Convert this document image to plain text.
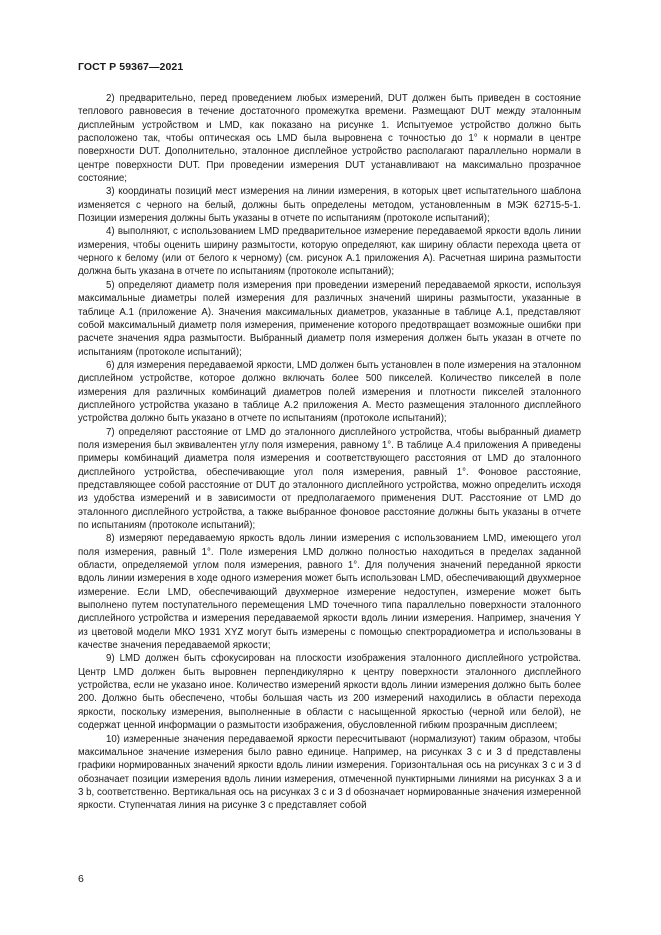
ГОСТ Р 59367—2021

2) предварительно, перед проведением любых измерений, DUT должен быть приведен в состояние теплового равновесия в течение достаточного промежутка времени. Размещают DUT между эталонным дисплейным устройством и LMD, как показано на рисунке 1. Испытуемое устройство должно быть расположено так, чтобы оптическая ось LMD была выровнена с точностью до 1° к нормали в центре поверхности DUT. Дополнительно, эталонное дисплейное устройство располагают параллельно нормали в центре поверхности DUT. При проведении измерения DUT устанавливают на максимально прозрачное состояние;

3) координаты позиций мест измерения на линии измерения, в которых цвет испытательного шаблона изменяется с черного на белый, должны быть определены методом, установленным в МЭК 62715-5-1. Позиции измерения должны быть указаны в отчете по испытаниям (протоколе испытаний);

4) выполняют, с использованием LMD предварительное измерение передаваемой яркости вдоль линии измерения, чтобы оценить ширину размытости, которую определяют, как ширину области перехода цвета от черного к белому (или от белого к черному) (см. рисунок А.1 приложения А). Расчетная ширина размытости должна быть указана в отчете по испытаниям (протоколе испытаний);

5) определяют диаметр поля измерения при проведении измерений передаваемой яркости, используя максимальные диаметры полей измерения для различных значений ширины размытости, указанные в таблице А.1 (приложение А). Значения максимальных диаметров, указанные в таблице А.1, представляют собой максимальный диаметр поля измерения, применение которого предотвращает возможные ошибки при расчете значения ядра размытости. Выбранный диаметр поля измерения должен быть указан в отчете по испытаниям (протоколе испытаний);

6) для измерения передаваемой яркости, LMD должен быть установлен в поле измерения на эталонном дисплейном устройстве, которое должно включать более 500 пикселей. Количество пикселей в поле измерения для различных комбинаций диаметров полей измерения и плотности пикселей эталонного дисплейного устройства указано в таблице А.2 приложения А. Место размещения эталонного дисплейного устройства должно быть указано в отчете по испытаниям (протоколе испытаний);

7) определяют расстояние от LMD до эталонного дисплейного устройства, чтобы выбранный диаметр поля измерения был эквивалентен углу поля измерения, равному 1°. В таблице А.4 приложения А приведены примеры комбинаций диаметра поля измерения и соответствующего расстояния от LMD до эталонного дисплейного устройства, обеспечивающие угол поля измерения, равный 1°. Фоновое расстояние, представляющее собой расстояние от DUT до эталонного дисплейного устройства, можно определить исходя из удобства измерений и в зависимости от предполагаемого применения DUT. Расстояние от LMD до эталонного дисплейного устройства, а также выбранное фоновое расстояние должны быть указаны в отчете по испытаниям (протоколе испытаний);

8) измеряют передаваемую яркость вдоль линии измерения с использованием LMD, имеющего угол поля измерения, равный 1°. Поле измерения LMD должно полностью находиться в пределах заданной области, определяемой углом поля измерения, равного 1°. Для получения значений переданной яркости вдоль линии измерения в ходе одного измерения может быть использован LMD, обеспечивающий двухмерное измерение. Если LMD, обеспечивающий двухмерное измерение недоступен, измерение может быть выполнено путем поступательного перемещения LMD точечного типа параллельно поверхности эталонного дисплейного устройства и измерения передаваемой яркости вдоль линии измерения. Например, значения Y из цветовой модели МКО 1931 XYZ могут быть измерены с помощью спектрорадиометра и использованы в качестве значения передаваемой яркости;

9) LMD должен быть сфокусирован на плоскости изображения эталонного дисплейного устройства. Центр LMD должен быть выровнен перпендикулярно к центру поверхности эталонного дисплейного устройства, если не указано иное. Количество измерений яркости вдоль линии измерения должно быть более 200. Должно быть обеспечено, чтобы большая часть из 200 измерений находились в области перехода яркости, поскольку измерения, выполненные в области с насыщенной яркостью (черной или белой), не содержат ценной информации о размытости изображения, обусловленной гибким прозрачным дисплеем;

10) измеренные значения передаваемой яркости пересчитывают (нормализуют) таким образом, чтобы максимальное значение измерения было равно единице. Например, на рисунках 3 c и 3 d представлены графики нормированных значений яркости вдоль линии измерения. Горизонтальная ось на рисунках 3 c и 3 d обозначает позиции измерения вдоль линии измерения, отмеченной пунктирными линиями на рисунках 3 a и 3 b, соответственно. Вертикальная ось на рисунках 3 c и 3 d обозначает нормированные значения измеренной яркости. Ступенчатая линия на рисунке 3 c представляет собой

6
